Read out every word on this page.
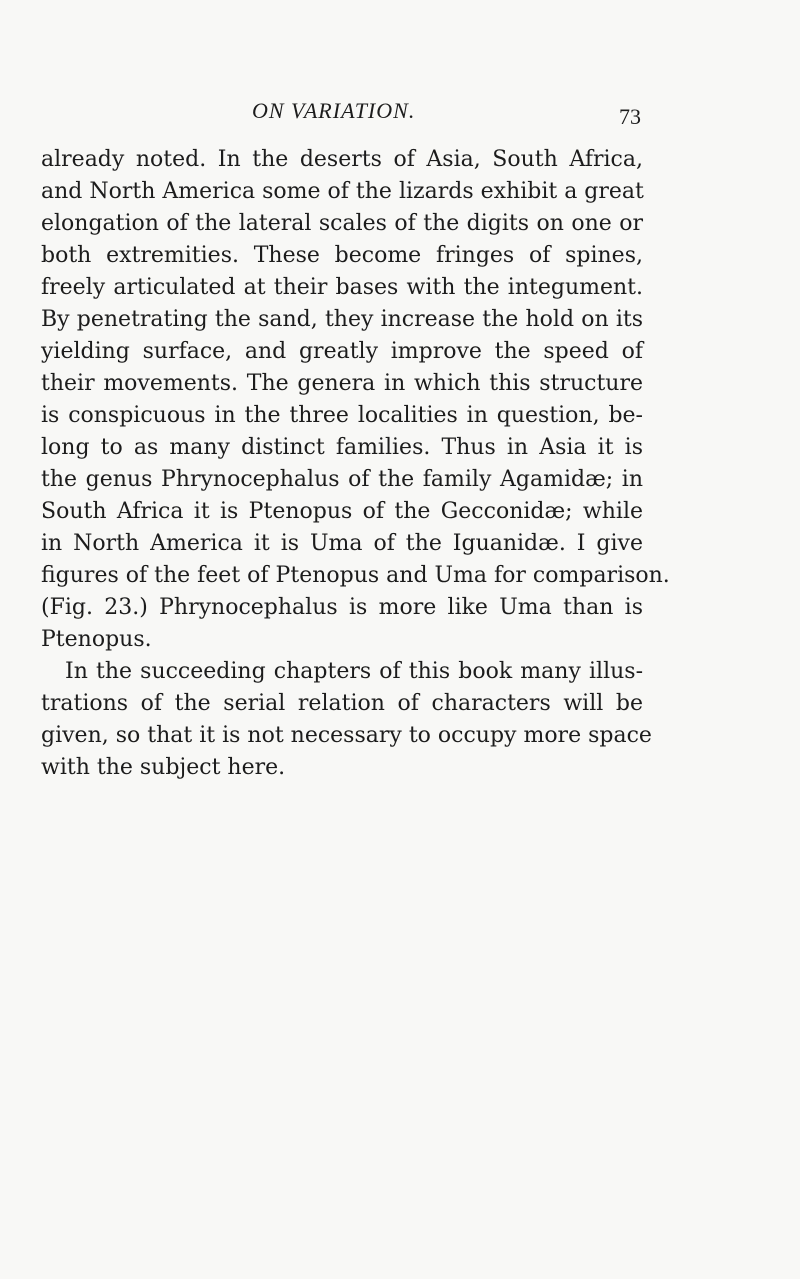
ON VARIATION.	73
already noted. In the deserts of Asia, South Africa,
and North America some of the lizards exhibit a great
elongation of the lateral scales of the digits on one or
both extremities. These become fringes of spines,
freely articulated at their bases with the integument.
By penetrating the sand, they increase the hold on its
yielding surface, and greatly improve the speed of
their movements. The genera in which this structure
is conspicuous in the three localities in question, be-
long to as many distinct families. Thus in Asia it is
the genus Phrynocephalus of the family Agamidæ; in
South Africa it is Ptenopus of the Gecconidæ; while
in North America it is Uma of the Iguanidæ. I give
figures of the feet of Ptenopus and Uma for comparison.
(Fig. 23.) Phrynocephalus is more like Uma than is
Ptenopus.
In the succeeding chapters of this book many illus-
trations of the serial relation of characters will be
given, so that it is not necessary to occupy more space
with the subject here.
